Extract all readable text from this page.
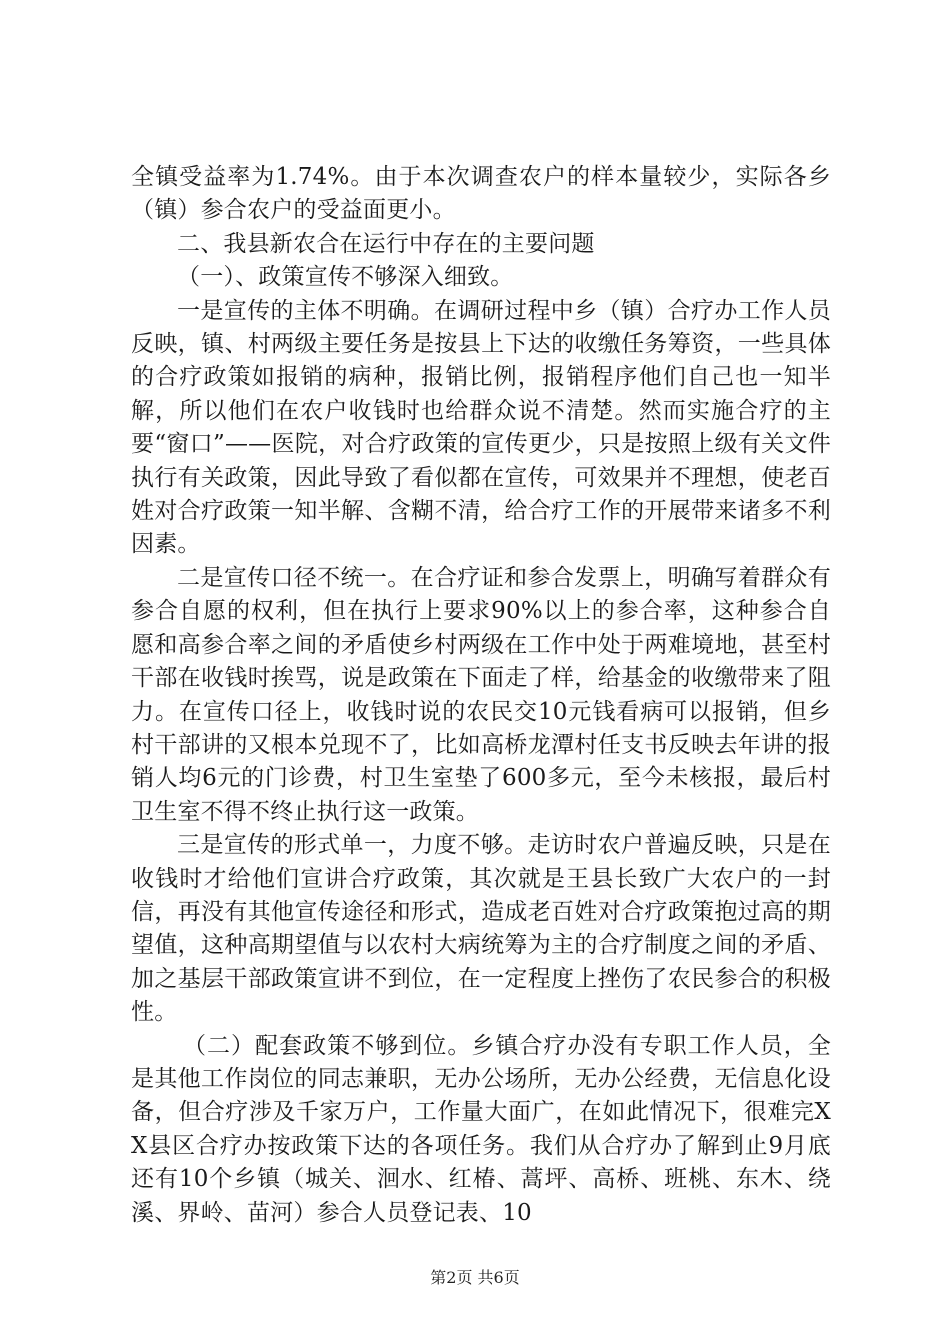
全镇受益率为1.74%。由于本次调查农户的样本量较少，实际各乡（镇）参合农户的受益面更小。

二、我县新农合在运行中存在的主要问题

（一）、政策宣传不够深入细致。

一是宣传的主体不明确。在调研过程中乡（镇）合疗办工作人员反映，镇、村两级主要任务是按县上下达的收缴任务筹资，一些具体的合疗政策如报销的病种，报销比例，报销程序他们自己也一知半解，所以他们在农户收钱时也给群众说不清楚。然而实施合疗的主要“窗口”——医院，对合疗政策的宣传更少，只是按照上级有关文件执行有关政策，因此导致了看似都在宣传，可效果并不理想，使老百姓对合疗政策一知半解、含糊不清，给合疗工作的开展带来诸多不利因素。

二是宣传口径不统一。在合疗证和参合发票上，明确写着群众有参合自愿的权利，但在执行上要求90%以上的参合率，这种参合自愿和高参合率之间的矛盾使乡村两级在工作中处于两难境地，甚至村干部在收钱时挨骂，说是政策在下面走了样，给基金的收缴带来了阻力。在宣传口径上，收钱时说的农民交10元钱看病可以报销，但乡村干部讲的又根本兑现不了，比如高桥龙潭村任支书反映去年讲的报销人均6元的门诊费，村卫生室垫了600多元，至今未核报，最后村卫生室不得不终止执行这一政策。

三是宣传的形式单一，力度不够。走访时农户普遍反映，只是在收钱时才给他们宣讲合疗政策，其次就是王县长致广大农户的一封信，再没有其他宣传途径和形式，造成老百姓对合疗政策抱过高的期望值，这种高期望值与以农村大病统筹为主的合疗制度之间的矛盾、加之基层干部政策宣讲不到位，在一定程度上挫伤了农民参合的积极性。

（二）配套政策不够到位。乡镇合疗办没有专职工作人员，全是其他工作岗位的同志兼职，无办公场所，无办公经费，无信息化设备，但合疗涉及千家万户，工作量大面广，在如此情况下，很难完XX县区合疗办按政策下达的各项任务。我们从合疗办了解到止9月底还有10个乡镇（城关、洄水、红椿、蒿坪、高桥、班桃、东木、绕溪、界岭、苗河）参合人员登记表、10

第2页 共6页
